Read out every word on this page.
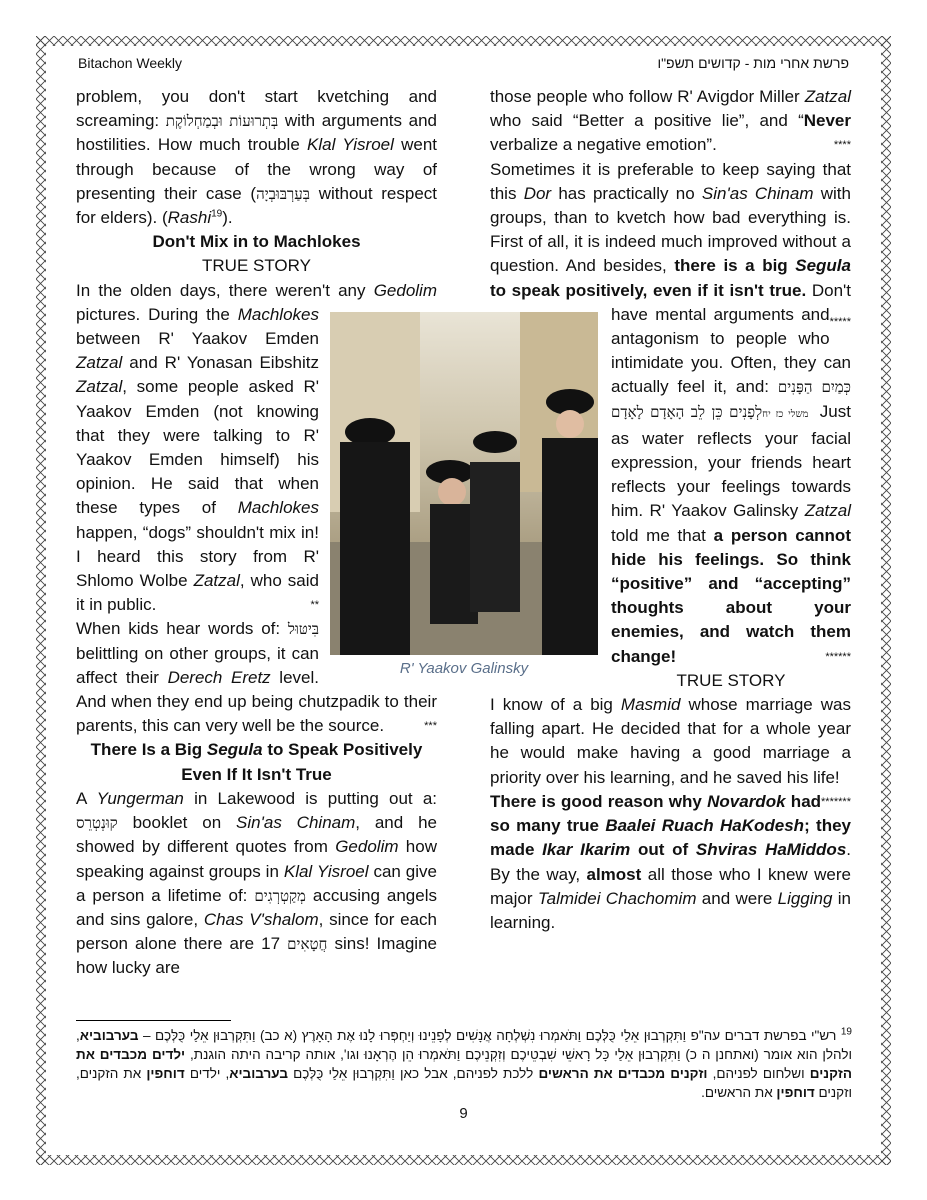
Bitachon Weekly	פרשת אחרי מות - קדושים תשפ"ו

problem, you don't start kvetching and screaming: בְּתְרוּעוֹת וּבְמַחְלוֹקֶת with arguments and hostilities. How much trouble Klal Yisroel went through because of the wrong way of presenting their case (בְּעַרְבּוּבְיָה without respect for elders). (Rashi$^{19}$).

Don't Mix in to Machlokes

TRUE STORY

In the olden days, there weren't any Gedolim pictures. During the Machlokes between R' Yaakov Emden Zatzal and R' Yonasan Eibshitz Zatzal, some people asked R' Yaakov Emden (not knowing that they were talking to R' Yaakov Emden himself) his opinion. He said that when these types of Machlokes happen, “dogs” shouldn't mix in! I heard this story from R' Shlomo Wolbe Zatzal, who said it in public.	**

When kids hear words of: בִּיטּוּל belittling on other groups, it can affect their Derech Eretz level. And when they end up being chutzpadik to their parents, this can very well be the source.	***

There Is a Big Segula to Speak Positively Even If It Isn't True

A Yungerman in Lakewood is putting out a: קוּנְטְרֵס booklet on Sin'as Chinam, and he showed by different quotes from Gedolim how speaking against groups in Klal Yisroel can give a person a lifetime of: מְקַטְרְגִים accusing angels and sins galore, Chas V'shalom, since for each person alone there are 17 חֲטָאִים sins! Imagine how lucky are

those people who follow R' Avigdor Miller Zatzal who said “Better a positive lie”, and “Never verbalize a negative emotion”.	****

Sometimes it is preferable to keep saying that this Dor has practically no Sin'as Chinam with groups, than to kvetch how bad everything is. First of all, it is indeed much improved without a question. And besides, there is a big Segula to speak positively, even if it isn't true.
*****
Don't have mental arguments and antagonism to people who intimidate you. Often, they can actually feel it, and: כְּמַיִם הַפָּנִים לְפָנִים כֵּן לֵב הָאָדָם לָאָדָם משלי כז יח Just as water reflects your facial expression, your friends heart reflects your feelings towards him. R' Yaakov Galinsky Zatzal told me that a person cannot hide his feelings. So think “positive” and “accepting” thoughts about your enemies, and watch them change!	******

TRUE STORY

I know of a big Masmid whose marriage was falling apart. He decided that for a whole year he would make having a good marriage a priority over his learning, and he saved his life!
*******

There is good reason why Novardok had so many true Baalei Ruach HaKodesh; they made Ikar Ikarim out of Shviras HaMiddos. By the way, almost all those who I knew were major Talmidei Chachomim and were Ligging in learning.

R' Yaakov Galinsky
$^{19}$ רש"י בפרשת דברים עה"פ וַתִּקְרְבוּן אֵלַי כֻּלְּכֶם וַתֹּאמְרוּ נִשְׁלְחָה אֲנָשִׁים לְפָנֵינוּ וְיַחְפְּרוּ לָנוּ אֶת הָאָרֶץ (א כב) וַתִּקְרְבוּן אֵלַי כֻּלְּכֶם – בערבוביא, ולהלן הוא אומר (ואתחנן ה כ) וַתִּקְרְבוּן אֵלַי כָּל רָאשֵׁי שִׁבְטֵיכֶם וְזִקְנֵיכֶם וַתֹּאמְרוּ הֵן הֶרְאָנוּ וגו', אותה קריבה היתה הוגנת, ילדים מכבדים את הזקנים ושלחום לפניהם, וזקנים מכבדים את הראשים ללכת לפניהם, אבל כאן וַתִּקְרְבוּן אֵלַי כֻּלְּכֶם בערבוביא, ילדים דוחפין את הזקנים, וזקנים דוחפין את הראשים.
9
